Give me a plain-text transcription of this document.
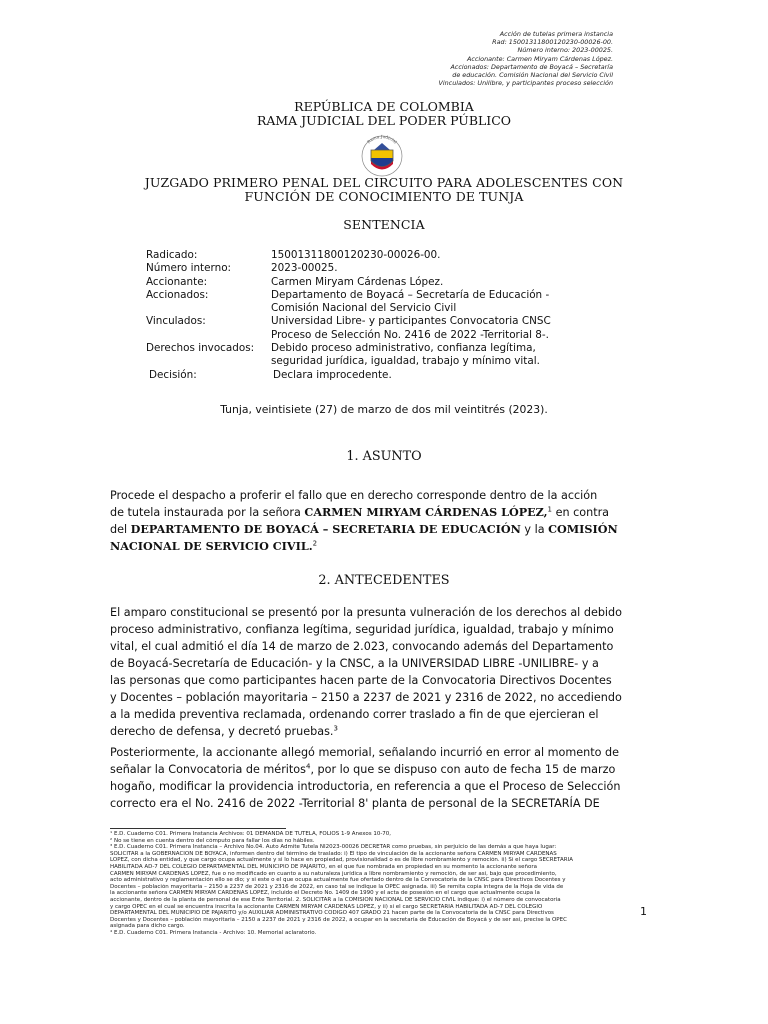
Acción de tutelas primera instancia
Rad: 15001311800120230-00026-00.
Número interno: 2023-00025.
Accionante: Carmen Miryam Cárdenas López.
Accionados: Departamento de Boyacá – Secretaría
de educación. Comisión Nacional del Servicio Civil
Vinculados: Unilibre, y participantes proceso selección
REPÚBLICA DE COLOMBIA
RAMA JUDICIAL DEL PODER PÚBLICO
Rama Judicial
JUZGADO PRIMERO PENAL DEL CIRCUITO PARA ADOLESCENTES CON
FUNCIÓN DE CONOCIMIENTO DE TUNJA
SENTENCIA
Radicado:	15001311800120230-00026-00.
Número interno:	2023-00025.
Accionante:	Carmen Miryam Cárdenas López.
Accionados:	Departamento de Boyacá – Secretaría de Educación -
Comisión Nacional del Servicio Civil
Vinculados:	Universidad Libre- y participantes Convocatoria CNSC
Proceso de Selección No. 2416 de 2022 -Territorial 8-.
Derechos invocados: Debido proceso administrativo, confianza legítima,
seguridad jurídica, igualdad, trabajo y mínimo vital.
Decisión:	Declara improcedente.
Tunja, veintisiete (27) de marzo de dos mil veintitrés (2023).
1. ASUNTO
Procede el despacho a proferir el fallo que en derecho corresponde dentro de la acción
de tutela instaurada por la señora CARMEN MIRYAM CÁRDENAS LÓPEZ,$^1$ en contra
del DEPARTAMENTO DE BOYACÁ – SECRETARIA DE EDUCACIÓN y la COMISIÓN
NACIONAL DE SERVICIO CIVIL.$^2$
2. ANTECEDENTES
El amparo constitucional se presentó por la presunta vulneración de los derechos al debido
proceso administrativo, confianza legítima, seguridad jurídica, igualdad, trabajo y mínimo
vital, el cual admitió el día 14 de marzo de 2.023, convocando además del Departamento
de Boyacá-Secretaría de Educación- y la CNSC, a la UNIVERSIDAD LIBRE -UNILIBRE- y a
las personas que como participantes hacen parte de la Convocatoria Directivos Docentes
y Docentes – población mayoritaria – 2150 a 2237 de 2021 y 2316 de 2022, no accediendo
a la medida preventiva reclamada, ordenando correr traslado a fin de que ejercieran el
derecho de defensa, y decretó pruebas.$^3$
Posteriormente, la accionante allegó memorial, señalando incurrió en error al momento de
señalar la Convocatoria de méritos$^4$, por lo que se dispuso con auto de fecha 15 de marzo
hogaño, modificar la providencia introductoria, en referencia a que el Proceso de Selección
correcto era el No. 2416 de 2022 -Territorial 8' planta de personal de la SECRETARÍA DE
¹ E.D. Cuaderno C01. Primera Instancia Archivos: 01 DEMANDA DE TUTELA, FOLIOS 1-9 Anexos 10-70,
² No se tiene en cuenta dentro del cómputo para fallar los días no hábiles.
³ E.D. Cuaderno C01. Primera Instancia – Archivo No.04. Auto Admite Tutela NI2023-00026 DECRETAR como pruebas, sin perjuicio de las demás a que haya lugar:
SOLICITAR a la GOBERNACIÓN DE BOYACÁ, informen dentro del término de traslado: i) El tipo de vinculación de la accionante señora CARMEN MIRYAM CARDENAS
LOPEZ, con dicha entidad, y que cargo ocupa actualmente y si lo hace en propiedad, provisionalidad o es de libre nombramiento y remoción. ii) Si el cargo SECRETARIA
HABILITADA AD-7 DEL COLEGIO DEPARTAMENTAL DEL MUNICIPIO DE PAJARITO, en el que fue nombrada en propiedad en su momento la accionante señora
CARMEN MIRYAM CARDENAS LOPEZ, fue o no modificado en cuanto a su naturaleza jurídica a libre nombramiento y remoción, de ser asi, bajo que procedimiento,
acto administrativo y reglamentación ello se dio; y si este o el que ocupa actualmente fue ofertado dentro de la Convocatoria de la CNSC para Directivos Docentes y
Docentes – población mayoritaria – 2150 a 2237 de 2021 y 2316 de 2022, en caso tal se indique la OPEC asignada. iii) Se remita copia íntegra de la Hoja de vida de
la accionante señora CARMEN MIRYAM CARDENAS LOPEZ, incluido el Decreto No. 1409 de 1990 y el acta de posesión en el cargo que actualmente ocupa la
accionante, dentro de la planta de personal de ese Ente Territorial. 2. SOLICITAR a la COMISIÓN NACIONAL DE SERVICIO CIVIL indique: i) el número de convocatoria
y cargo OPEC en el cual se encuentra inscrita la accionante CARMEN MIRYAM CARDENAS LOPEZ, y ii) si el cargo SECRETARIA HABILITADA AD-7 DEL COLEGIO
DEPARTAMENTAL DEL MUNICIPIO DE PAJARITO y/o AUXILIAR ADMINISTRATIVO CÓDIGO 407 GRADO 21 hacen parte de la Convocatoria de la CNSC para Directivos
Docentes y Docentes – población mayoritaria – 2150 a 2237 de 2021 y 2316 de 2022, a ocupar en la secretaría de Educación de Boyacá y de ser asi, precise la OPEC
asignada para dicho cargo.
⁴ E.D. Cuaderno C01. Primera Instancia - Archivo: 10. Memorial aclaratorio.
1
